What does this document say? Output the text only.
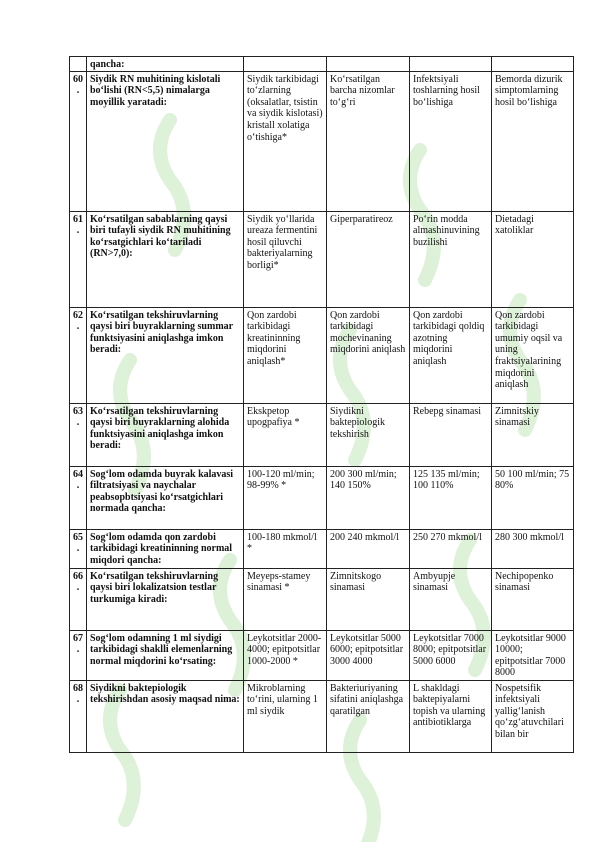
	qancha:				
60.	Siydik RN muhitining kislotali bo‘lishi (RN<5,5) nimalarga moyillik yaratadi:	Siydik tarkibidagi to‘zlarning (oksalatlar, tsistin va siydik kislotasi) kristall xolatiga o‘tishiga*	Ko‘rsatilgan barcha nizomlar to‘g‘ri	Infektsiyali toshlarning hosil bo‘lishiga	Bemorda dizurik simptomlarning hosil bo‘lishiga
61.	Ko‘rsatilgan sabablarning qaysi biri tufayli siydik RN muhitining ko‘rsatgichlari ko‘tariladi (RN>7,0):	Siydik yo‘llarida ureaza fermentini hosil qiluvchi bakteriyalarning borligi*	Giperparatireoz	Po‘rin modda almashinuvining buzilishi	Dietadagi xatoliklar
62.	Ko‘rsatilgan tekshiruvlarning qaysi biri buyraklarning summar funktsiyasini aniqlashga imkon beradi:	Qon zardobi tarkibidagi kreatininning miqdorini aniqlash*	Qon zardobi tarkibidagi mochevinaning miqdorini aniqlash	Qon zardobi tarkibidagi qoldiq azotning miqdorini aniqlash	Qon zardobi tarkibidagi umumiy oqsil va uning fraktsiyalarining miqdorini aniqlash
63.	Ko‘rsatilgan tekshiruvlarning qaysi biri buyraklarning alohida funktsiyasini aniqlashga imkon beradi:	Ekskpetop upogpafiya *	Siydikni baktepiologik tekshirish	Rebepg sinamasi	Zimnitskiy sinamasi
64.	Sog‘lom odamda buyrak kalavasi filtratsiyasi va naychalar peabsopbtsiyasi ko‘rsatgichlari normada qancha:	100-120 ml/min; 98-99% *	200 300 ml/min; 140 150%	125 135 ml/min; 100 110%	50 100 ml/min; 75 80%
65.	Sog‘lom odamda qon zardobi tarkibidagi kreatininning normal miqdori qancha:	100-180 mkmol/l *	200 240 mkmol/l	250 270 mkmol/l	280 300 mkmol/l
66.	Ko‘rsatilgan tekshiruvlarning qaysi biri lokalizatsion testlar turkumiga kiradi:	Meyeps-stamey sinamasi *	Zimnitskogo sinamasi	Ambyupje sinamasi	Nechipopenko sinamasi
67.	Sog‘lom odamning 1 ml siydigi tarkibidagi shaklli elemenlarning normal miqdorini ko‘rsating:	Leykotsitlar 2000-4000; epitpotsitlar 1000-2000 *	Leykotsitlar 5000 6000; epitpotsitlar 3000 4000	Leykotsitlar 7000 8000; epitpotsitlar 5000 6000	Leykotsitlar 9000 10000; epitpotsitlar 7000 8000
68.	Siydikni baktepiologik tekshirishdan asosiy maqsad nima:	Mikroblarning to‘rini, ularning 1 ml siydik	Bakteriuriyaning sifatini aniqlashga qaratilgan	L shakldagi baktepiyalarni topish va ularning antibiotiklarga	Nospetsifik infektsiyali yallig‘lanish qo‘zg‘atuvchilari bilan bir
